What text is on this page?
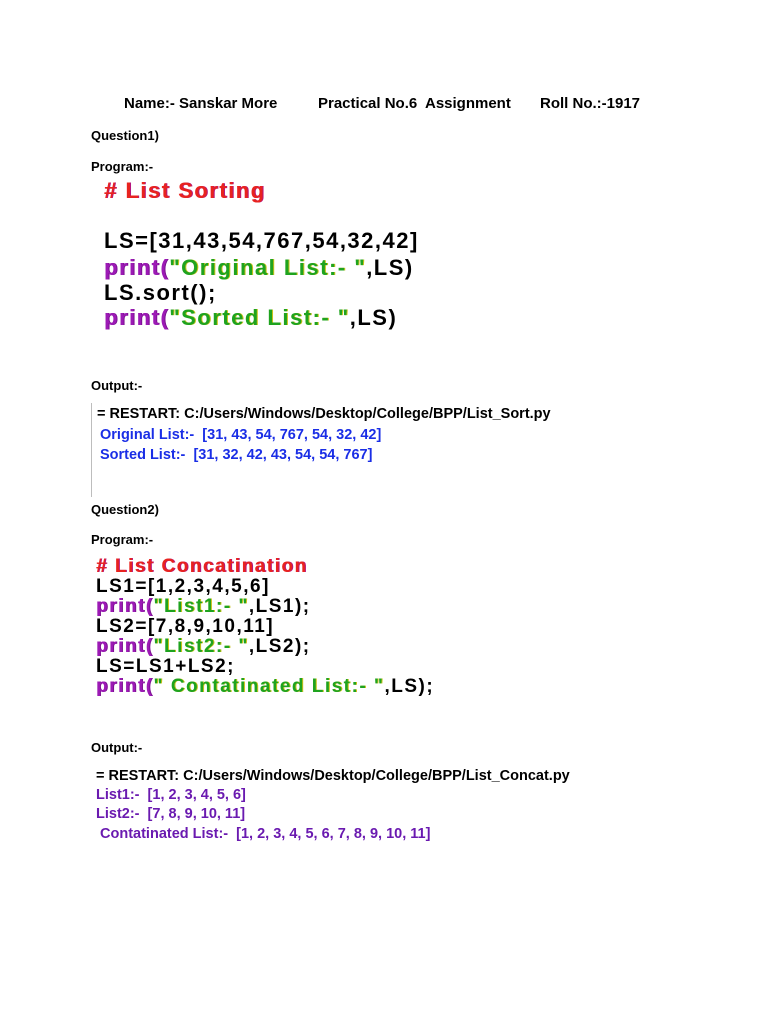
Name:- Sanskar More	Practical No.6  Assignment Roll No.:-1917
Question1)
Program:-
# List Sorting
LS=[31,43,54,767,54,32,42]
print("Original List:- ",LS)
LS.sort();
print("Sorted List:- ",LS)
Output:-
= RESTART: C:/Users/Windows/Desktop/College/BPP/List_Sort.py
Original List:-  [31, 43, 54, 767, 54, 32, 42]
Sorted List:-  [31, 32, 42, 43, 54, 54, 767]
Question2)
Program:-
# List Concatination
LS1=[1,2,3,4,5,6]
print("List1:- ",LS1);
LS2=[7,8,9,10,11]
print("List2:- ",LS2);
LS=LS1+LS2;
print(" Contatinated List:- ",LS);
Output:-
= RESTART: C:/Users/Windows/Desktop/College/BPP/List_Concat.py
List1:-  [1, 2, 3, 4, 5, 6]
List2:-  [7, 8, 9, 10, 11]
Contatinated List:-  [1, 2, 3, 4, 5, 6, 7, 8, 9, 10, 11]
